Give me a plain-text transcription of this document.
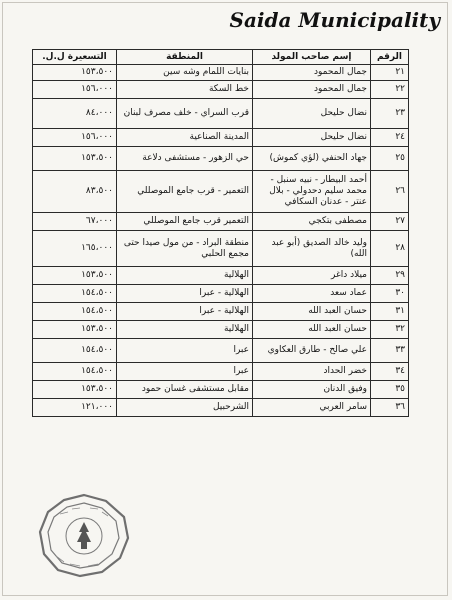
Saida Municipality
الرقم	إسم صاحب المولد	المنطقة	التسعيرة ل.ل.
٢١	جمال المحمود	بنايات اللمام وشه سين	١٥٣،٥٠٠
٢٢	جمال المحمود	خط السكة	١٥٦،٠٠٠
٢٣	نضال حليحل	قرب السراي - خلف مصرف لبنان	٨٤،٠٠٠
٢٤	نضال حليحل	المدينة الصناعية	١٥٦،٠٠٠
٢٥	جهاد الحنفي (لؤي كموش)	حي الزهور - مستشفى دلاعة	١٥٣،٥٠٠
٢٦	أحمد البيطار - نبيه سنبل - محمد سليم دحدولي - بلال عنتر - عدنان السكافي	التعمير - قرب جامع الموصللي	٨٣،٥٠٠
٢٧	مصطفى بتكجي	التعمير قرب جامع الموصللي	٦٧،٠٠٠
٢٨	وليد خالد الصديق (أبو عبد الله)	منطقة البراد - من مول صيدا حتى مجمع الحلبي	١٦٥،٠٠٠
٢٩	ميلاد داغر	الهلالية	١٥٣،٥٠٠
٣٠	عماد سعد	الهلالية - عبرا	١٥٤،٥٠٠
٣١	حسان العبد الله	الهلالية - عبرا	١٥٤،٥٠٠
٣٢	حسان العبد الله	الهلالية	١٥٣،٥٠٠
٣٣	علي صالح - طارق العكاوي	عبرا	١٥٤،٥٠٠
٣٤	خضر الحداد	عبرا	١٥٤،٥٠٠
٣٥	وفيق الدنان	مقابل مستشفى غسان حمود	١٥٣،٥٠٠
٣٦	سامر العربي	الشرحبيل	١٢١،٠٠٠
